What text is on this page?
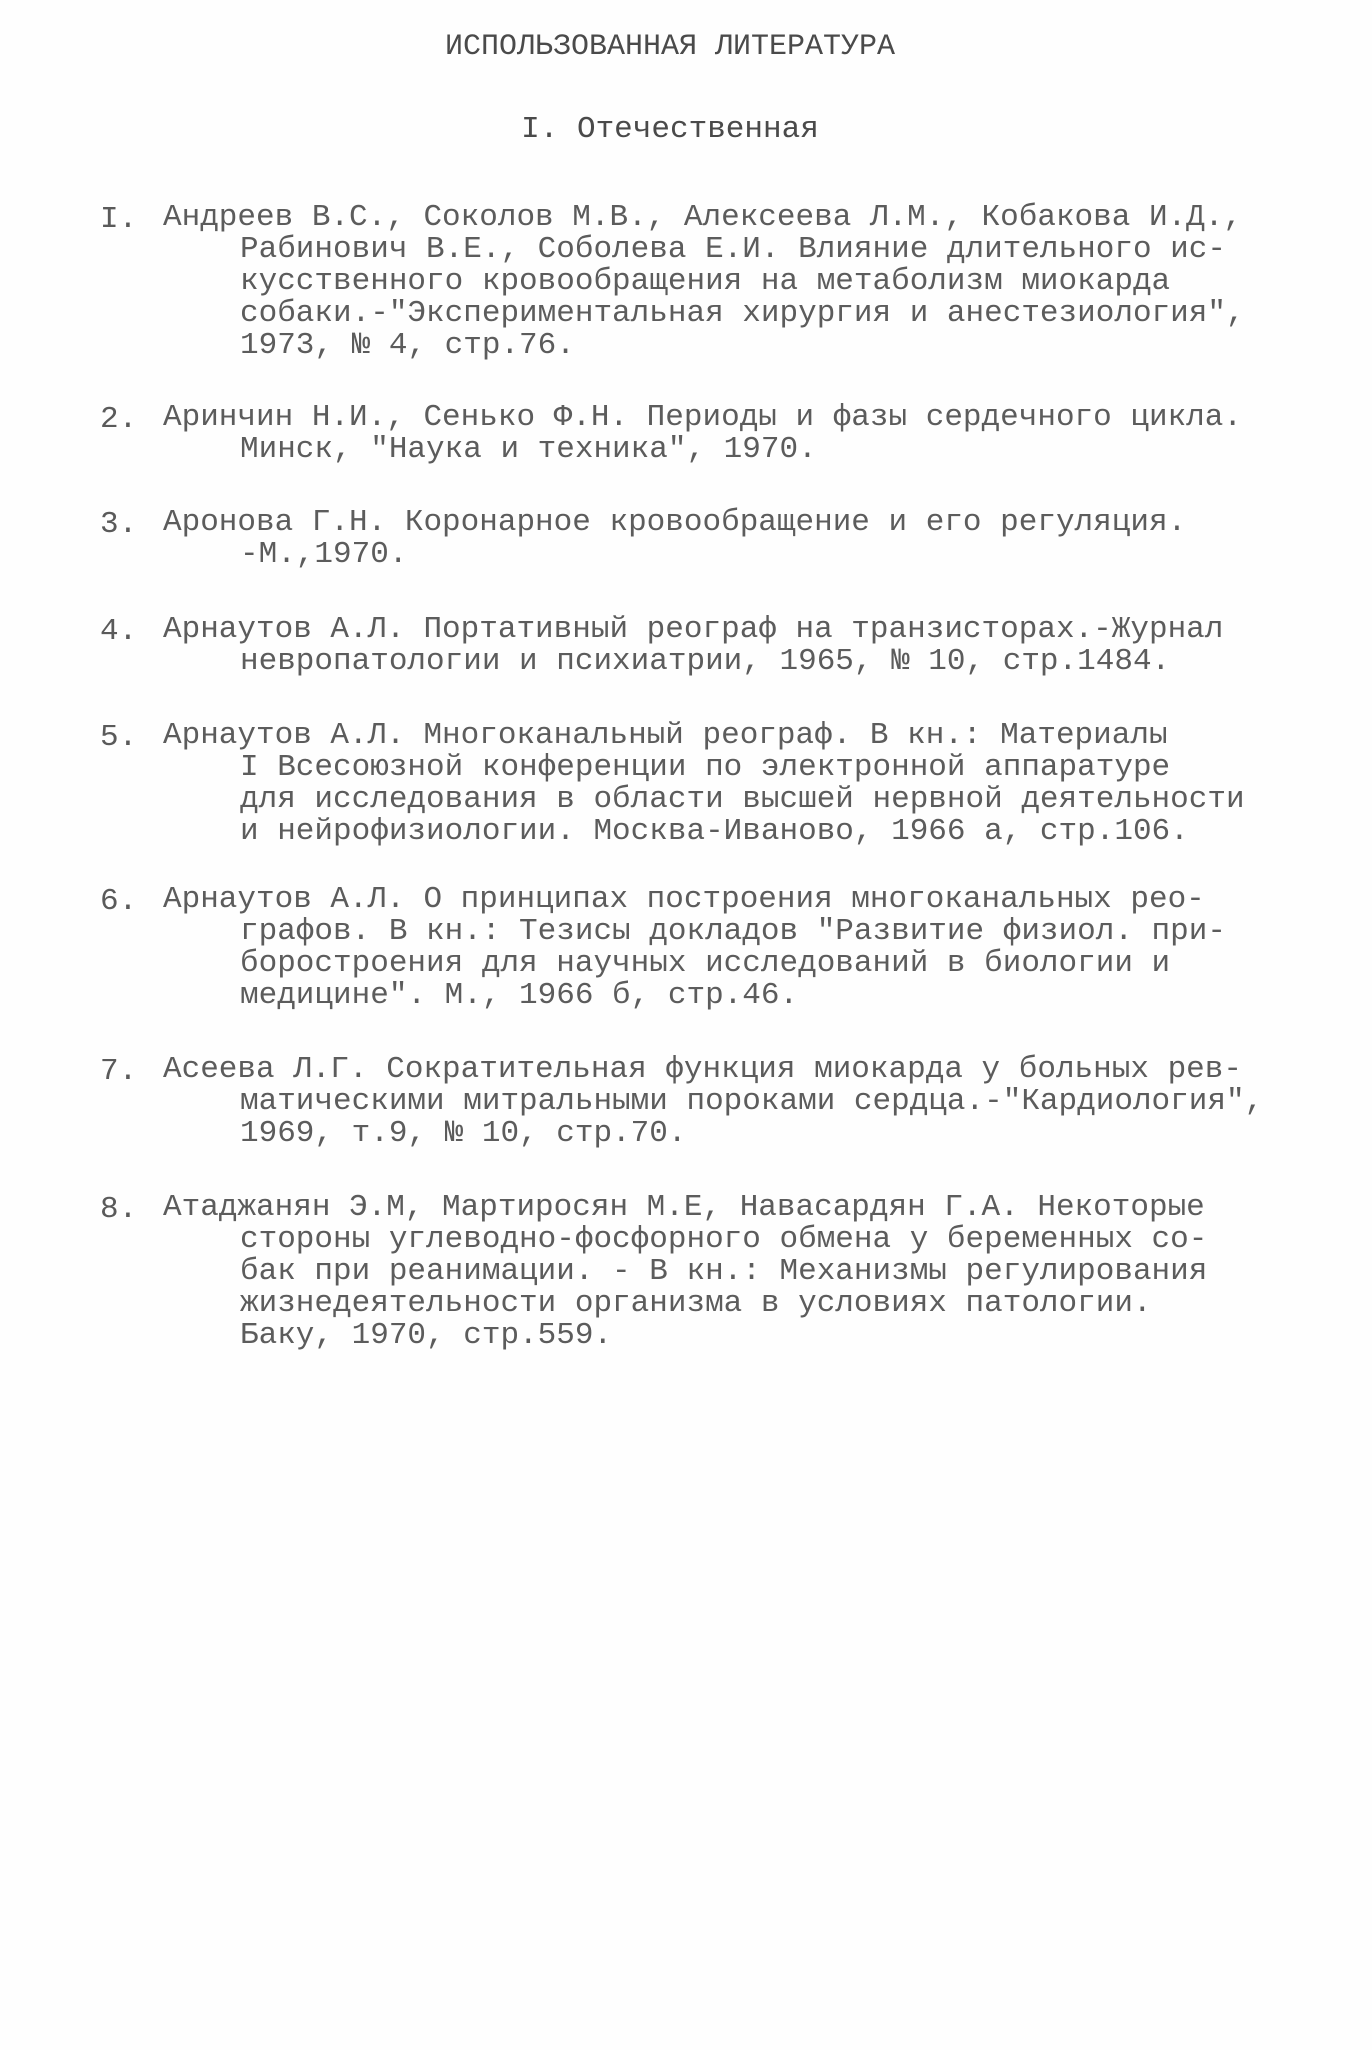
ИСПОЛЬЗОВАННАЯ ЛИТЕРАТУРА
I. Отечественная
I. Андреев В.С., Соколов М.В., Алексеева Л.М., Кобакова И.Д.,
Рабинович В.Е., Соболева Е.И. Влияние длительного ис-
кусственного кровообращения на метаболизм миокарда
собаки.-"Экспериментальная хирургия и анестезиология",
1973, № 4, стр.76.
2. Аринчин Н.И., Сенько Ф.Н. Периоды и фазы сердечного цикла.
Минск, "Наука и техника", 1970.
3. Аронова Г.Н. Коронарное кровообращение и его регуляция.
-М.,1970.
4. Арнаутов А.Л. Портативный реограф на транзисторах.-Журнал
невропатологии и психиатрии, 1965, № 10, стр.1484.
5. Арнаутов А.Л. Многоканальный реограф. В кн.: Материалы
I Всесоюзной конференции по электронной аппаратуре
для исследования в области высшей нервной деятельности
и нейрофизиологии. Москва-Иваново, 1966 а, стр.106.
6. Арнаутов А.Л. О принципах построения многоканальных рео-
графов. В кн.: Тезисы докладов "Развитие физиол. при-
боростроения для научных исследований в биологии и
медицине". М., 1966 б, стр.46.
7. Асеева Л.Г. Сократительная функция миокарда у больных рев-
матическими митральными пороками сердца.-"Кардиология",
1969, т.9, № 10, стр.70.
8. Атаджанян Э.М, Мартиросян М.Е, Навасардян Г.А. Некоторые
стороны углеводно-фосфорного обмена у беременных со-
бак при реанимации. - В кн.: Механизмы регулирования
жизнедеятельности организма в условиях патологии.
Баку, 1970, стр.559.
